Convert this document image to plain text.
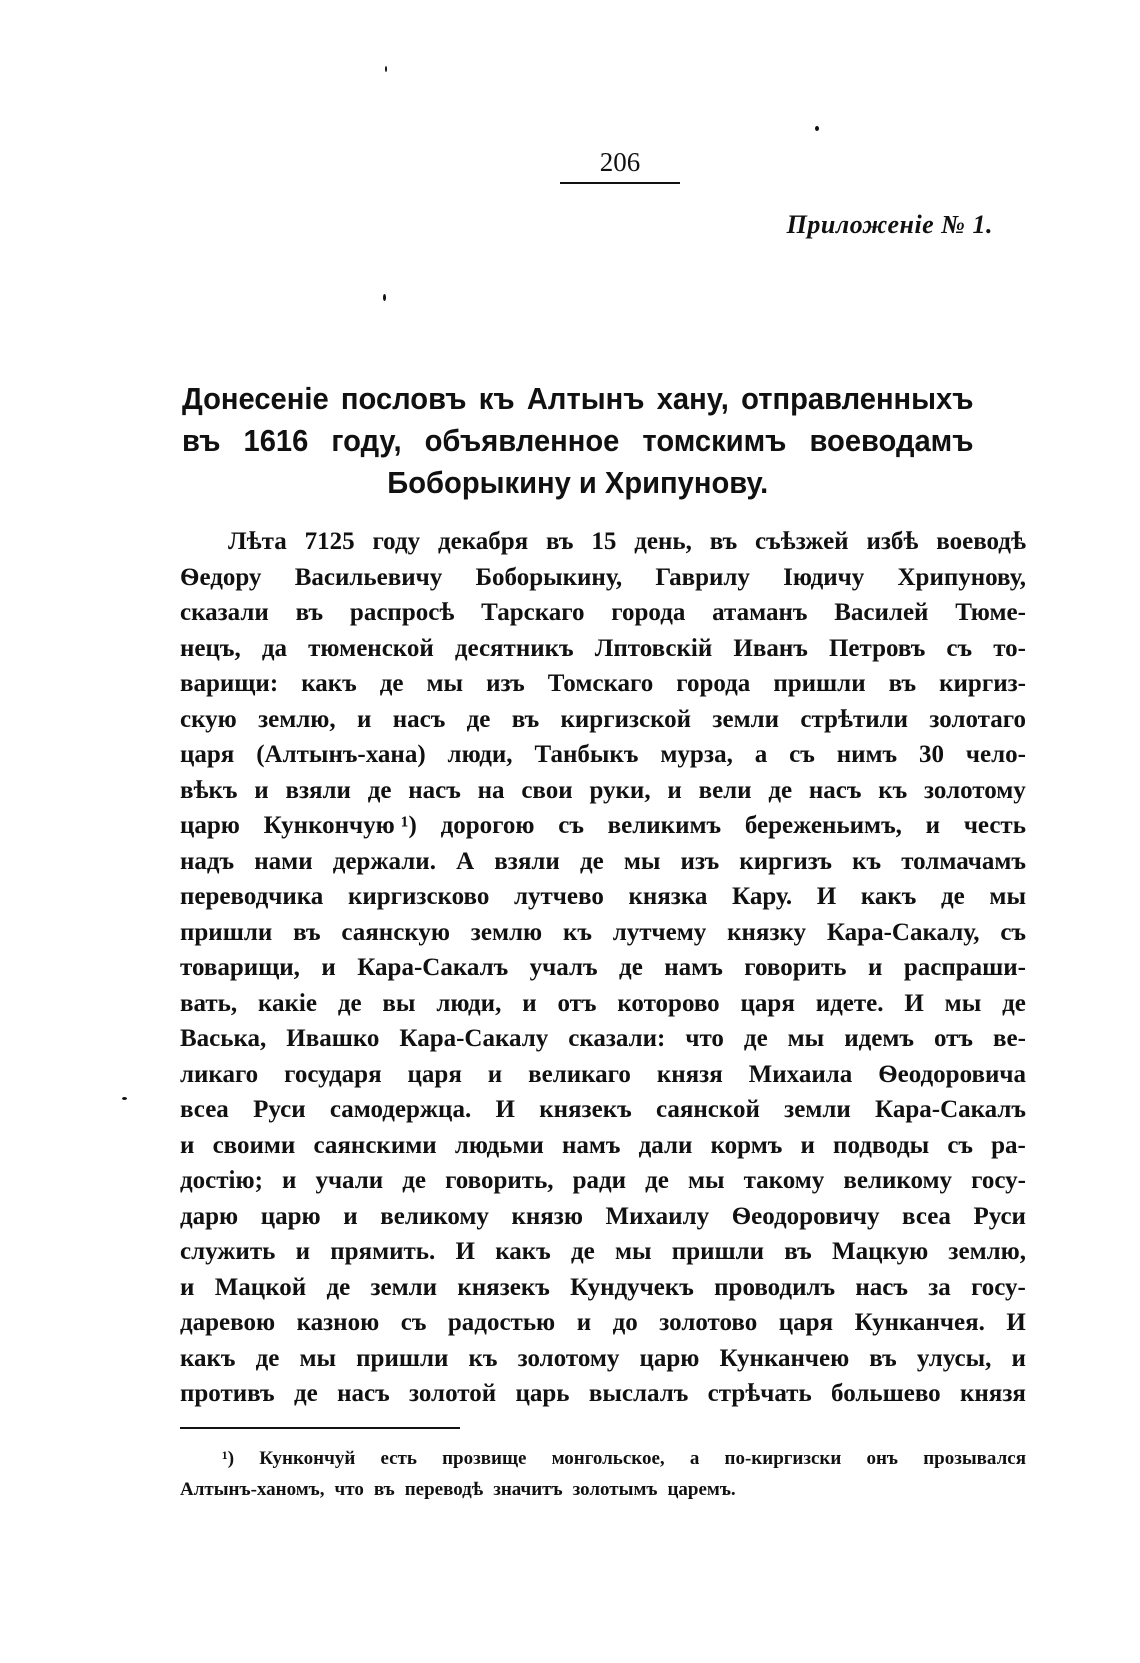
206
Приложеніе № 1.
Донесеніе пословъ къ Алтынъ хану, отправленныхъ въ 1616 году, объявленное томскимъ воеводамъ Боборыкину и Хрипунову.
Лѣта 7125 году декабря въ 15 день, въ съѣзжей избѣ воеводѣ
Ѳедору Васильевичу Боборыкину, Гаврилу Іюдичу Хрипунову,
сказали въ распросѣ Тарскаго города атаманъ Василей Тюме-
нецъ, да тюменской десятникъ Лптовскій Иванъ Петровъ съ то-
варищи: какъ де мы изъ Томскаго города пришли въ киргиз-
скую землю, и насъ де въ киргизской земли стрѣтили золотаго
царя (Алтынъ-хана) люди, Танбыкъ мурза, а съ нимъ 30 чело-
вѣкъ и взяли де насъ на свои руки, и вели де насъ къ золотому
царю Кункончую ¹) дорогою съ великимъ береженьимъ, и честь
надъ нами держали. А взяли де мы изъ киргизъ къ толмачамъ
переводчика киргизсково лутчево князка Кару. И какъ де мы
пришли въ саянскую землю къ лутчему князку Кара-Сакалу, съ
товарищи, и Кара-Сакалъ учалъ де намъ говорить и распраши-
вать, какіе де вы люди, и отъ которово царя идете. И мы де
Васька, Ивашко Кара-Сакалу сказали: что де мы идемъ отъ ве-
ликаго государя царя и великаго князя Михаила Ѳеодоровича
всеа Руси самодержца. И князекъ саянской земли Кара-Сакалъ
и своими саянскими людьми намъ дали кормъ и подводы съ ра-
достію; и учали де говорить, ради де мы такому великому госу-
дарю царю и великому князю Михаилу Ѳеодоровичу всеа Руси
служить и прямить. И какъ де мы пришли въ Мацкую землю,
и Мацкой де земли князекъ Кундучекъ проводилъ насъ за госу-
даревою казною съ радостью и до золотово царя Кунканчея. И
какъ де мы пришли къ золотому царю Кунканчею въ улусы, и
противъ де насъ золотой царь выслалъ стрѣчать большево князя
¹) Кункончуй есть прозвище монгольское, а по-киргизски онъ прозывался
Алтынъ-ханомъ, что въ переводѣ значитъ золотымъ царемъ.
